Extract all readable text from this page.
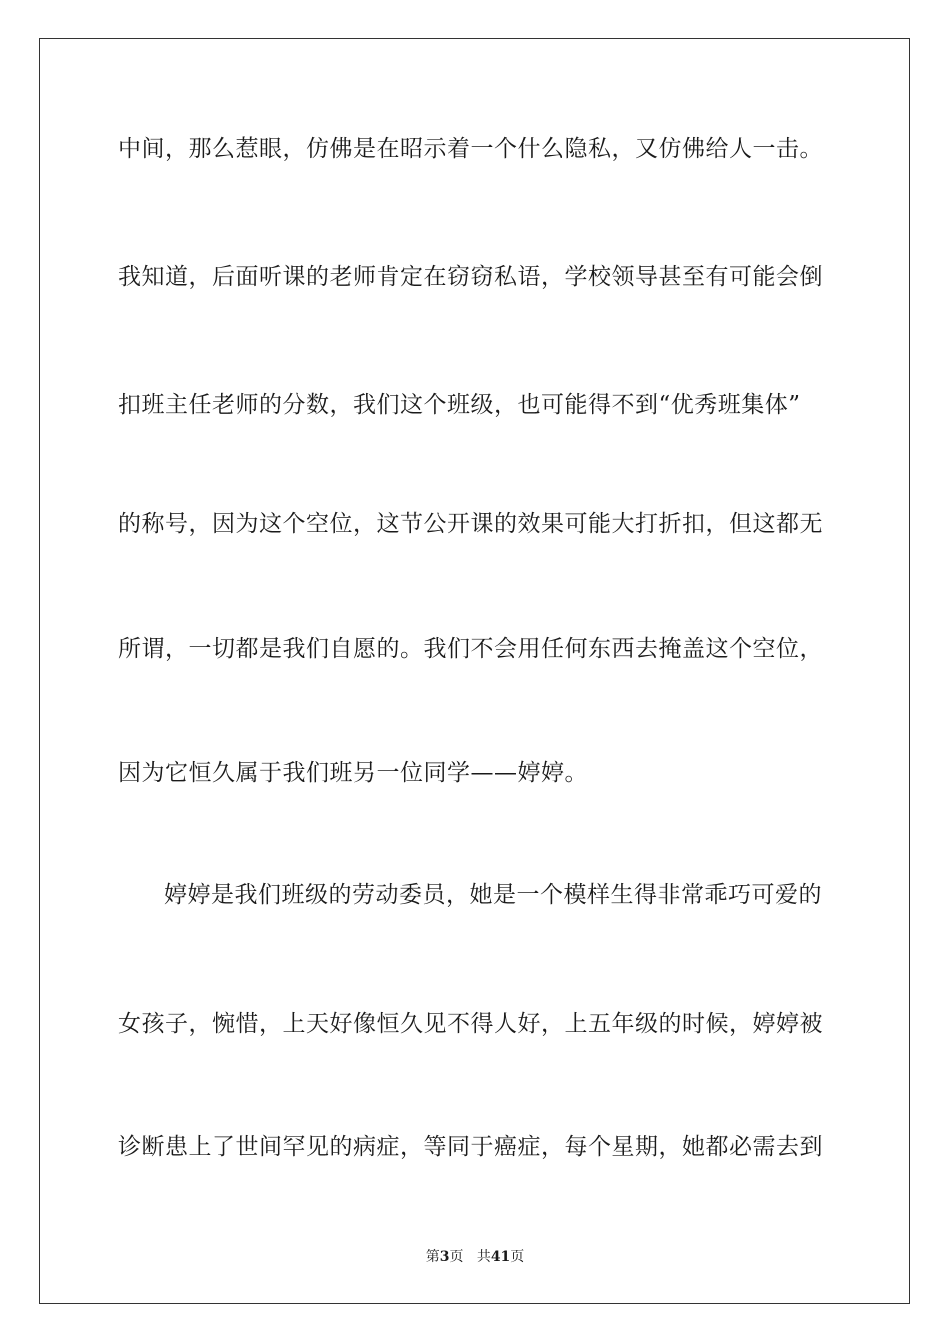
中间，那么惹眼，仿佛是在昭示着一个什么隐私，又仿佛给人一击。
我知道，后面听课的老师肯定在窃窃私语，学校领导甚至有可能会倒
扣班主任老师的分数，我们这个班级，也可能得不到“优秀班集体”
的称号，因为这个空位，这节公开课的效果可能大打折扣，但这都无
所谓，一切都是我们自愿的。我们不会用任何东西去掩盖这个空位，
因为它恒久属于我们班另一位同学——婷婷。
婷婷是我们班级的劳动委员，她是一个模样生得非常乖巧可爱的
女孩子，惋惜，上天好像恒久见不得人好，上五年级的时候，婷婷被
诊断患上了世间罕见的病症，等同于癌症，每个星期，她都必需去到
第3页 共41页
